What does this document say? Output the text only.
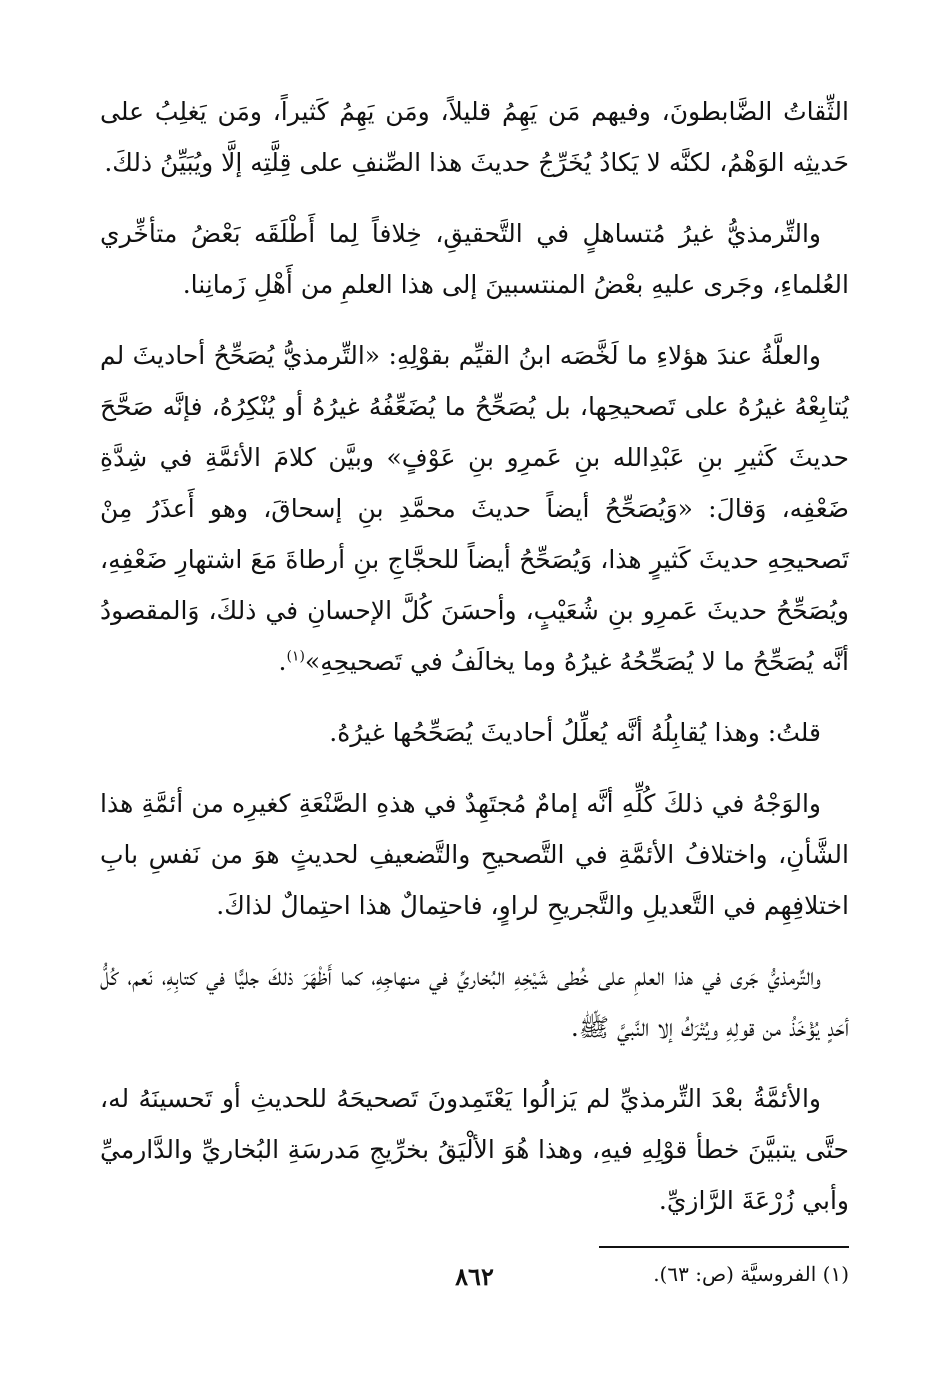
الثِّقاتُ الضَّابطونَ، وفيهم مَن يَهِمُ قليلاً، ومَن يَهِمُ كَثيراً، ومَن يَغلِبُ على حَديثِه الوَهْمُ، لكنَّه لا يَكادُ يُخَرِّجُ حديثَ هذا الصِّنفِ على قِلَّتِه إلَّا ويُبَيِّنُ ذلكَ.

والتِّرمذيُّ غيرُ مُتساهلٍ في التَّحقيقِ، خِلافاً لِما أَطْلَقَه بَعْضُ متأخِّري العُلماءِ، وجَرى عليهِ بعْضُ المنتسبينَ إلى هذا العلمِ من أَهْلِ زَمانِنا.

والعلَّةُ عندَ هؤلاءِ ما لَخَّصَه ابنُ القيِّم بقوْلِهِ: «التِّرمذيُّ يُصَحِّحُ أحاديثَ لم يُتابِعْهُ غيرُهُ على تَصحيحِها، بل يُصَحِّحُ ما يُضَعِّفُهُ غيرُهُ أو يُنْكِرُهُ، فإنَّه صَحَّحَ حديثَ كَثيرِ بنِ عَبْدِالله بنِ عَمرِو بنِ عَوْفٍ» وبيَّن كلامَ الأئمَّةِ في شِدَّةِ ضَعْفِه، وَقالَ: «وَيُصَحِّحُ أيضاً حديثَ محمَّدِ بنِ إسحاقَ، وهو أَعذَرُ مِنْ تَصحيحِهِ حديثَ كَثيرٍ هذا، وَيُصَحِّحُ أيضاً للحجَّاجِ بنِ أرطاةَ مَعَ اشتهارِ ضَعْفِهِ، ويُصَحِّحُ حديثَ عَمرِو بنِ شُعَيْبٍ، وأحسَنَ كُلَّ الإحسانِ في ذلكَ، وَالمقصودُ أنَّه يُصَحِّحُ ما لا يُصَحِّحُهُ غيرُهُ وما يخالَفُ في تَصحيحِهِ»$^{(١)}$.

قلتُ: وهذا يُقابِلُهُ أنَّه يُعلِّلُ أحاديثَ يُصَحِّحُها غيرُهُ.

والوَجْهُ في ذلكَ كُلِّهِ أنَّه إمامٌ مُجتَهِدٌ في هذهِ الصَّنْعَةِ كغيرِه من أئمَّةِ هذا الشَّأنِ، واختلافُ الأئمَّةِ في التَّصحيحِ والتَّضعيفِ لحديثٍ هوَ من نَفسِ بابِ اختلافِهِم في التَّعديلِ والتَّجريحِ لراوٍ، فاحتِمالٌ هذا احتِمالٌ لذاكَ.

والتِّرمذيُّ جَرى في هذا العلمِ على خُطى شَيْخِهِ البُخاريِّ في منهاجِهِ، كما أَظْهَرَ ذلكَ جليًّا في كتابِهِ، نَعم، كُلُّ أحَدٍ يُؤْخَذُ من قولِهِ ويُتْرَكُ إلا النَّبيَّ ﷺ.

والأئمَّةُ بعْدَ التِّرمذيِّ لم يَزالُوا يَعْتَمِدونَ تَصحيحَهُ للحديثِ أو تَحسينَهُ له، حتَّى يتبيَّنَ خطأ قوْلِهِ فيهِ، وهذا هُوَ الألْيَقُ بخرِّيجِ مَدرسَةِ البُخاريِّ والدَّارميِّ وأبي زُرْعَةَ الرَّازيِّ.

(١) الفروسيَّة (ص: ٦٣).
٨٦٢
